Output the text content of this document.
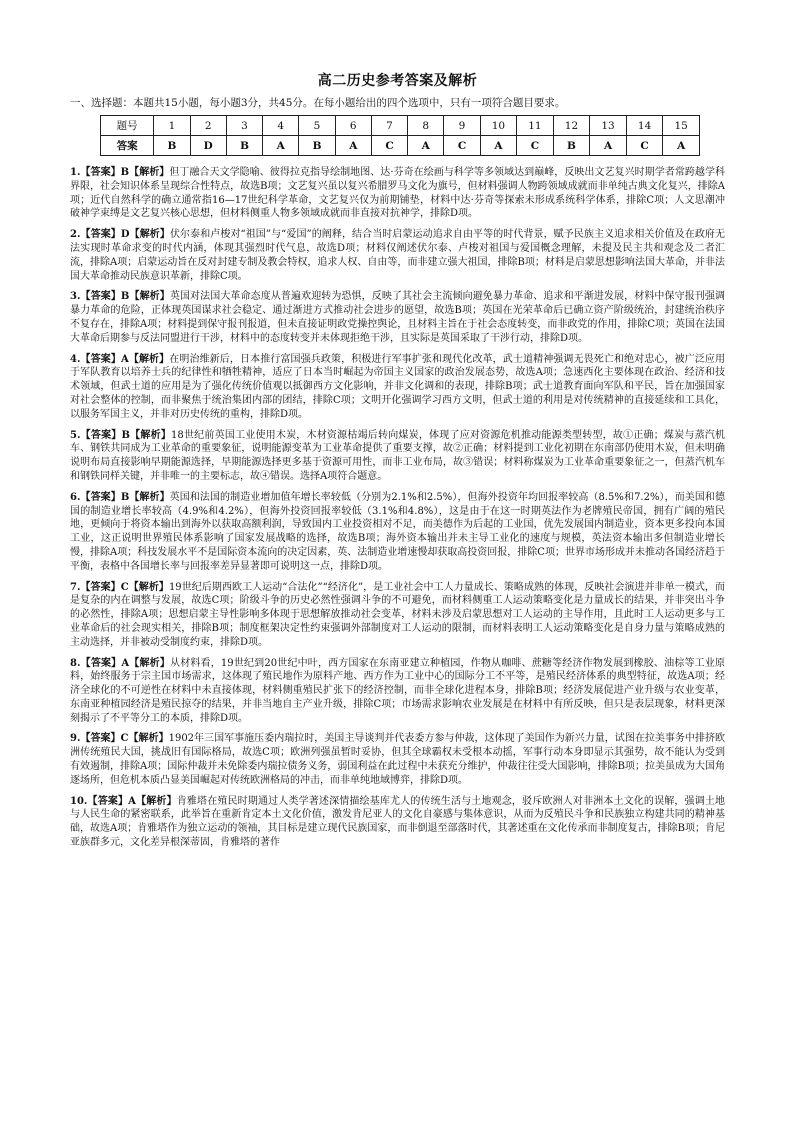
高二历史参考答案及解析
一、选择题：本题共15小题，每小题3分，共45分。在每小题给出的四个选项中，只有一项符合题目要求。
题号	1	2	3	4	5	6	7	8	9	10	11	12	13	14	15
答案	B	D	B	A	B	A	C	A	C	A	C	B	A	C	A

1.【答案】B【解析】但丁融合天文学隐喻、彼得拉克指导绘制地图、达·芬奇在绘画与科学等多领域达到巅峰，反映出文艺复兴时期学者常跨越学科界限，社会知识体系呈现综合性特点，故选B项；文艺复兴虽以复兴希腊罗马文化为旗号，但材料强调人物跨领域成就而非单纯古典文化复兴，排除A项；近代自然科学的确立通常指16—17世纪科学革命，文艺复兴仅为前期铺垫，材料中达·芬奇等探索未形成系统科学体系，排除C项；人文思潮冲破神学束缚是文艺复兴核心思想，但材料侧重人物多领域成就而非直接对抗神学，排除D项。

2.【答案】D【解析】伏尔泰和卢梭对“祖国”与“爱国”的阐释，结合当时启蒙运动追求自由平等的时代背景，赋予民族主义追求相关价值及在政府无法实现时革命求变的时代内涵，体现其强烈时代气息，故选D项；材料仅阐述伏尔泰、卢梭对祖国与爱国概念理解，未提及民主共和观念及二者汇流，排除A项；启蒙运动旨在反对封建专制及教会特权，追求人权、自由等，而非建立强大祖国，排除B项；材料是启蒙思想影响法国大革命，并非法国大革命推动民族意识革新，排除C项。

3.【答案】B【解析】英国对法国大革命态度从普遍欢迎转为恐惧，反映了其社会主流倾向避免暴力革命、追求和平渐进发展，材料中保守报刊强调暴力革命的危险，正体现英国谋求社会稳定、通过渐进方式推动社会进步的愿望，故选B项；英国在光荣革命后已确立资产阶级统治，封建统治秩序不复存在，排除A项；材料提到保守报刊报道，但未直接证明政党操控舆论，且材料主旨在于社会态度转变，而非政党的作用，排除C项；英国在法国大革命后期参与反法同盟进行干涉，材料中的态度转变并未体现拒绝干涉，且实际是英国采取了干涉行动，排除D项。

4.【答案】A【解析】在明治维新后，日本推行富国强兵政策，积极进行军事扩张和现代化改革，武士道精神强调无畏死亡和绝对忠心，被广泛应用于军队教育以培养士兵的纪律性和牺牲精神，适应了日本当时崛起为帝国主义国家的政治发展态势，故选A项；急速西化主要体现在政治、经济和技术领域，但武士道的应用是为了强化传统价值观以抵御西方文化影响，并非文化调和的表现，排除B项；武士道教育面向军队和平民，旨在加强国家对社会整体的控制，而非聚焦于统治集团内部的团结，排除C项；文明开化强调学习西方文明，但武士道的利用是对传统精神的直接延续和工具化，以服务军国主义，并非对历史传统的重构，排除D项。

5.【答案】B【解析】18世纪前英国工业使用木炭，木材资源枯竭后转向煤炭，体现了应对资源危机推动能源类型转型，故①正确；煤炭与蒸汽机车、钢铁共同成为工业革命的重要象征，说明能源变革为工业革命提供了重要支撑，故②正确；材料提到工业化初期在东南部仍使用木炭，但未明确说明布局直接影响早期能源选择，早期能源选择更多基于资源可用性，而非工业布局，故③错误；材料称煤炭为工业革命重要象征之一，但蒸汽机车和钢铁同样关键，并非唯一的主要标志，故④错误。选择A项符合题意。

6.【答案】B【解析】英国和法国的制造业增加值年增长率较低（分别为2.1%和2.5%），但海外投资年均回报率较高（8.5%和7.2%），而美国和德国的制造业增长率较高（4.9%和4.2%），但海外投资回报率较低（3.1%和4.8%），这是由于在这一时期英法作为老牌殖民帝国，拥有广阔的殖民地，更倾向于将资本输出到海外以获取高额利润，导致国内工业投资相对不足，而美德作为后起的工业国，优先发展国内制造业，资本更多投向本国工业，这正说明世界殖民体系影响了国家发展战略的选择，故选B项；海外资本输出并未主导工业化的速度与规模，英法资本输出多但制造业增长慢，排除A项；科技发展水平不是国际资本流向的决定因素，英、法制造业增速慢却获取高投资回报，排除C项；世界市场形成并未推动各国经济趋于平衡，表格中各国增长率与回报率差异显著即可说明这一点，排除D项。

7.【答案】C【解析】19世纪后期西欧工人运动“合法化”“经济化”，是工业社会中工人力量成长、策略成熟的体现，反映社会演进并非单一模式，而是复杂的内在调整与发展，故选C项；阶级斗争的历史必然性强调斗争的不可避免，而材料侧重工人运动策略变化是力量成长的结果，并非突出斗争的必然性，排除A项；思想启蒙主导性影响多体现于思想解放推动社会变革，材料未涉及启蒙思想对工人运动的主导作用，且此时工人运动更多与工业革命后的社会现实相关，排除B项；制度框架决定性约束强调外部制度对工人运动的限制，而材料表明工人运动策略变化是自身力量与策略成熟的主动选择，并非被动受制度约束，排除D项。

8.【答案】A【解析】从材料看，19世纪到20世纪中叶，西方国家在东南亚建立种植园，作物从咖啡、蔗糖等经济作物发展到橡胶、油棕等工业原料，始终服务于宗主国市场需求，这体现了殖民地作为原料产地、西方作为工业中心的国际分工不平等，是殖民经济体系的典型特征，故选A项；经济全球化的不可逆性在材料中未直接体现，材料侧重殖民扩张下的经济控制，而非全球化进程本身，排除B项；经济发展促进产业升级与农业变革，东南亚种植园经济是殖民掠夺的结果，并非当地自主产业升级，排除C项；市场需求影响农业发展是在材料中有所反映，但只是表层现象，材料更深刻揭示了不平等分工的本质，排除D项。

9.【答案】C【解析】1902年三国军事施压委内瑞拉时，美国主导谈判并代表委方参与仲裁，这体现了美国作为新兴力量，试图在拉美事务中排挤欧洲传统殖民大国，挑战旧有国际格局，故选C项；欧洲列强虽暂时妥协，但其全球霸权未受根本动摇，军事行动本身即显示其强势，故不能认为受到有效遏制，排除A项；国际仲裁并未免除委内瑞拉债务义务，弱国利益在此过程中未获充分维护，仲裁往往受大国影响，排除B项；拉美虽成为大国角逐场所，但危机本质凸显美国崛起对传统欧洲格局的冲击，而非单纯地域博弈，排除D项。

10.【答案】A【解析】肯雅塔在殖民时期通过人类学著述深情描绘基库尤人的传统生活与土地观念，驳斥欧洲人对非洲本土文化的误解，强调土地与人民生命的紧密联系，此举旨在重新肯定本土文化价值，激发肯尼亚人的文化自豪感与集体意识，从而为反殖民斗争和民族独立构建共同的精神基础，故选A项；肯雅塔作为独立运动的领袖，其目标是建立现代民族国家，而非倒退至部落时代，其著述重在文化传承而非制度复古，排除B项；肯尼亚族群多元，文化差异根深蒂固，肯雅塔的著作
